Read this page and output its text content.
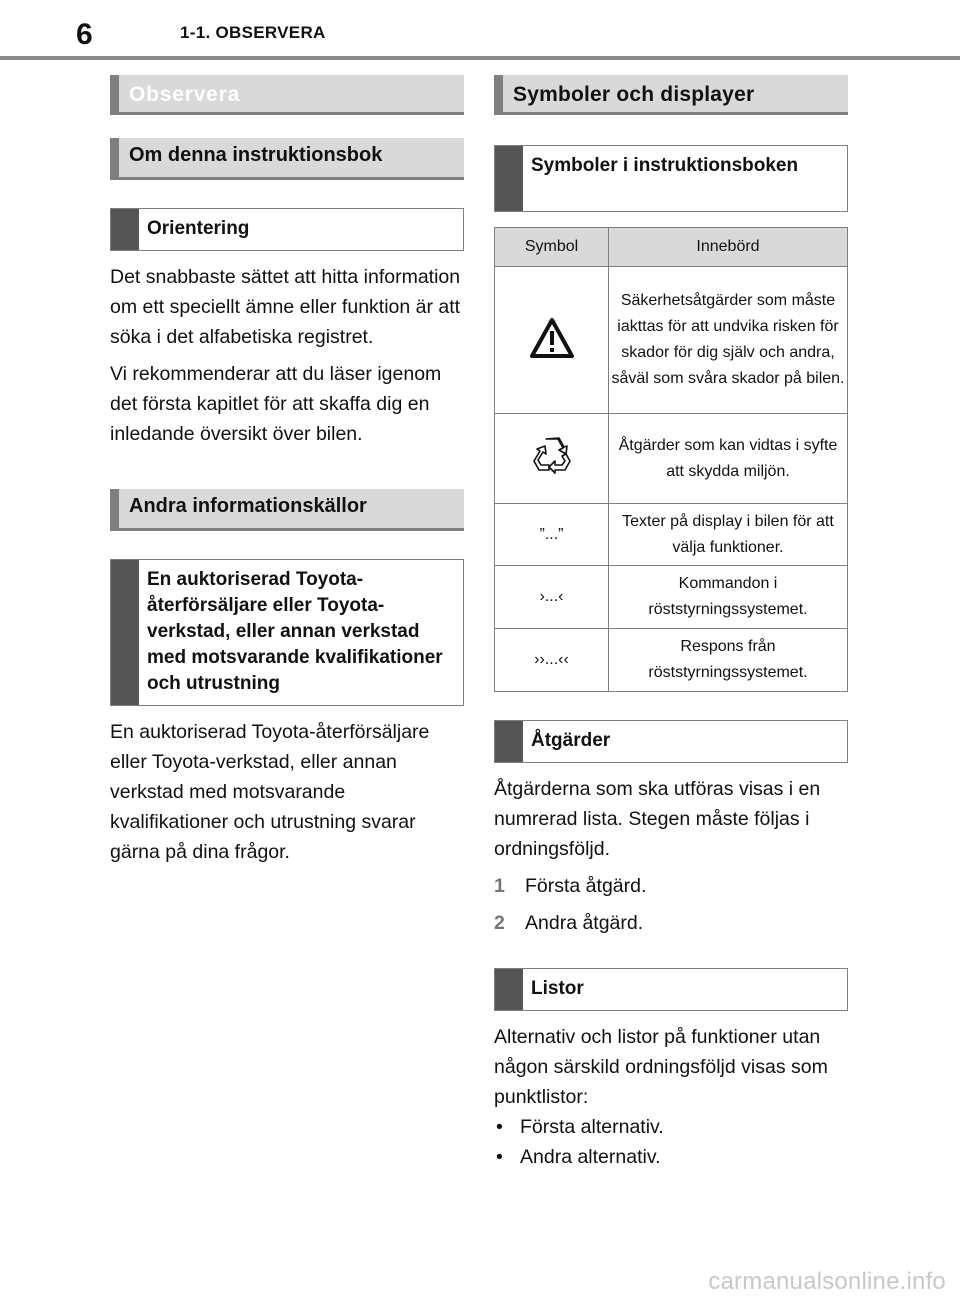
6	1-1. OBSERVERA
Observera
Om denna instruktionsbok
Orientering

Det snabbaste sättet att hitta information om ett speciellt ämne eller funktion är att söka i det alfabetiska registret.

Vi rekommenderar att du läser igenom det första kapitlet för att skaffa dig en inledande översikt över bilen.

Andra informationskällor
En auktoriserad Toyota-återförsäljare eller Toyota-verkstad, eller annan verkstad med motsvarande kvalifikationer och utrustning

En auktoriserad Toyota-återförsäljare eller Toyota-verkstad, eller annan verkstad med motsvarande kvalifikationer och utrustning svarar gärna på dina frågor.

Symboler och displayer
Symboler i instruktionsboken
Symbol	Innebörd
	Säkerhetsåtgärder som måste iakttas för att undvika risken för skador för dig själv och andra, såväl som svåra skador på bilen.
	Åtgärder som kan vidtas i syfte att skydda miljön.
”...”	Texter på display i bilen för att välja funktioner.
›...‹	Kommandon i röststyrningssystemet.
››...‹‹	Respons från röststyrningssystemet.
Åtgärder

Åtgärderna som ska utföras visas i en numrerad lista. Stegen måste följas i ordningsföljd.

1	Första åtgärd.
2	Andra åtgärd.
Listor

Alternativ och listor på funktioner utan någon särskild ordningsföljd visas som punktlistor:

• Första alternativ.
• Andra alternativ.
carmanualsonline.info
